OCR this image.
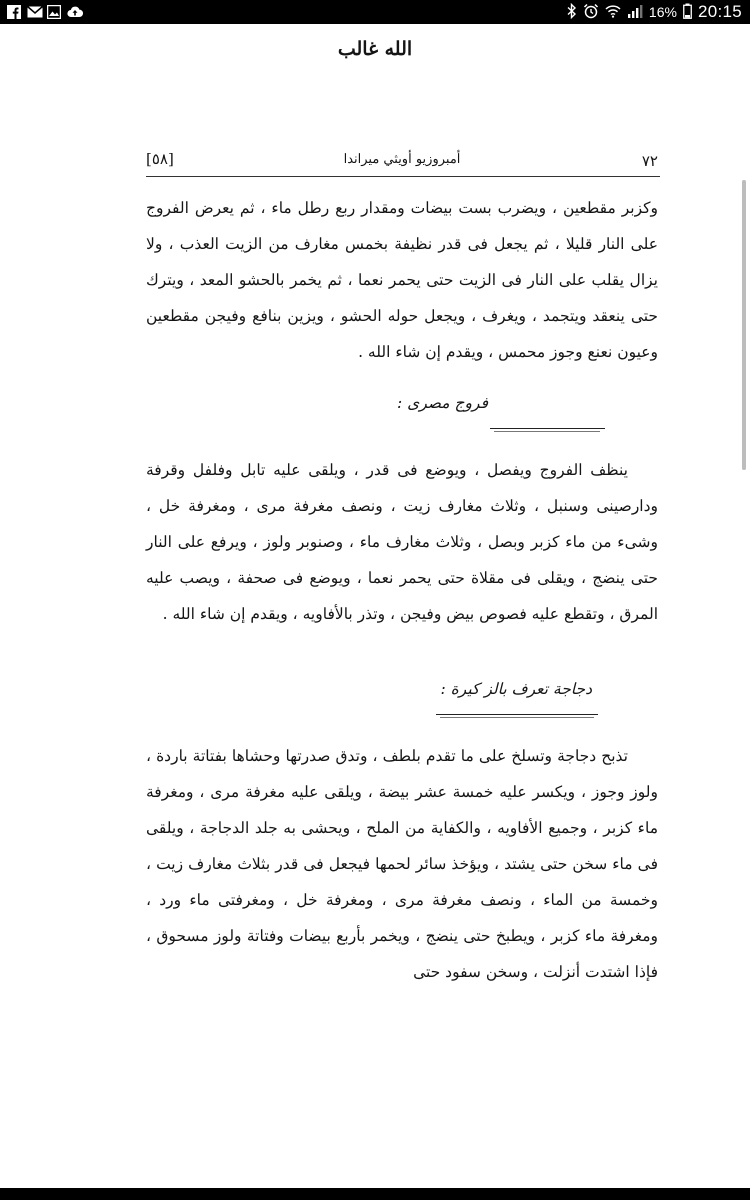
16% 20:15
الله غالب
٧٢
أمبروزيو أويثي ميراندا
[٥٨]

وكزبر مقطعين ، ويضرب بست بيضات ومقدار ربع رطل ماء ، ثم يعرض الفروج على النار قليلا ، ثم يجعل فى قدر نظيفة بخمس مغارف من الزيت العذب ، ولا يزال يقلب على النار فى الزيت حتى يحمر نعما ، ثم يخمر بالحشو المعد ، ويترك حتى ينعقد ويتجمد ، ويغرف ، ويجعل حوله الحشو ، ويزين بنافع وفيجن مقطعين وعيون نعنع وجوز محمس ، ويقدم إن شاء الله .

فروج مصرى :

ينظف الفروج ويفصل ، ويوضع فى قدر ، ويلقى عليه تابل وفلفل وقرفة ودارصينى وسنبل ، وثلاث مغارف زيت ، ونصف مغرفة مرى ، ومغرفة خل ، وشىء من ماء كزبر وبصل ، وثلاث مغارف ماء ، وصنوبر ولوز ، ويرفع على النار حتى ينضج ، ويقلى فى مقلاة حتى يحمر نعما ، ويوضع فى صحفة ، ويصب عليه المرق ، وتقطع عليه فصوص بيض وفيجن ، وتذر بالأفاويه ، ويقدم إن شاء الله .

دجاجة تعرف بالز كيرة :

تذبح دجاجة وتسلخ على ما تقدم بلطف ، وتدق صدرتها وحشاها بفتاتة باردة ، ولوز وجوز ، ويكسر عليه خمسة عشر بيضة ، ويلقى عليه مغرفة مرى ، ومغرفة ماء كزبر ، وجميع الأفاويه ، والكفاية من الملح ، ويحشى به جلد الدجاجة ، ويلقى فى ماء سخن حتى يشتد ، ويؤخذ سائر لحمها فيجعل فى قدر بثلاث مغارف زيت ، وخمسة من الماء ، ونصف مغرفة مرى ، ومغرفة خل ، ومغرفتى ماء ورد ، ومغرفة ماء كزبر ، ويطبخ حتى ينضج ، ويخمر بأربع بيضات وفتاتة ولوز مسحوق ، فإذا اشتدت أنزلت ، وسخن سفود حتى
